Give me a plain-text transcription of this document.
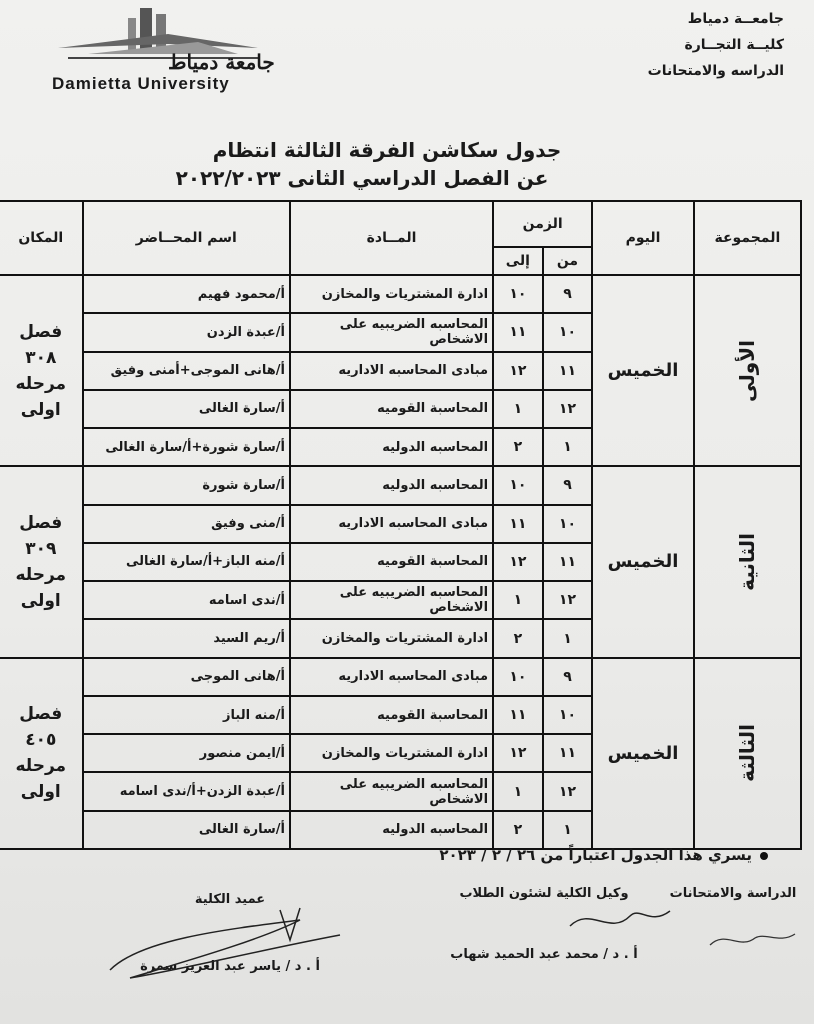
جامعة دمياط
Damietta University
جامعــة دمياط
كليــة التجــارة
الدراسه والامتحانات
جدول سكاشن الفرقة الثالثة انتظام
عن الفصل الدراسي الثانى ٢٠٢٢/٢٠٢٣
المجموعة	اليوم	الزمن		المــادة	اسم المحــاضر	المكان
		من	إلى			
الأولى	الخميس	٩	١٠	ادارة المشتريات والمخازن	أ/محمود فهيم	فصل
٣٠٨
مرحله
اولى

		١٠	١١	المحاسبه الضريبيه على الاشخاص	أ/عبدة الزدن	
		١١	١٢	مبادى المحاسبه الاداريه	أ/هانى الموجى+أمنى وفيق	
		١٢	١	المحاسبة القوميه	أ/سارة الغالى	
		١	٢	المحاسبه الدوليه	أ/سارة شورة+أ/سارة الغالى	
الثانية	الخميس	٩	١٠	المحاسبه الدوليه	أ/سارة شورة	فصل
٣٠٩
مرحله
اولى

		١٠	١١	مبادى المحاسبه الاداريه	أ/منى وفيق	
		١١	١٢	المحاسبة القوميه	أ/منه الباز+أ/سارة الغالى	
		١٢	١	المحاسبه الضريبيه على الاشخاص	أ/ندى اسامه	
		١	٢	ادارة المشتريات والمخازن	أ/ريم السيد	
الثالثة	الخميس	٩	١٠	مبادى المحاسبه الاداريه	أ/هانى الموجى	فصل
٤٠٥
مرحله
اولى

		١٠	١١	المحاسبة القوميه	أ/منه الباز	
		١١	١٢	ادارة المشتريات والمخازن	أ/ايمن منصور	
		١٢	١	المحاسبه الضريبيه على الاشخاص	أ/عبدة الزدن+أ/ندى اسامه	
		١	٢	المحاسبه الدوليه	أ/سارة الغالى	
يسري هذا الجدول اعتباراً من ٢٦ / ٢ / ٢٠٢٣
الدراسة والامتحانات
وكيل الكلية لشئون الطلاب
أ . د / محمد عبد الحميد شهاب
عميد الكلية
أ . د / ياسر عبد العزيز سمرة
